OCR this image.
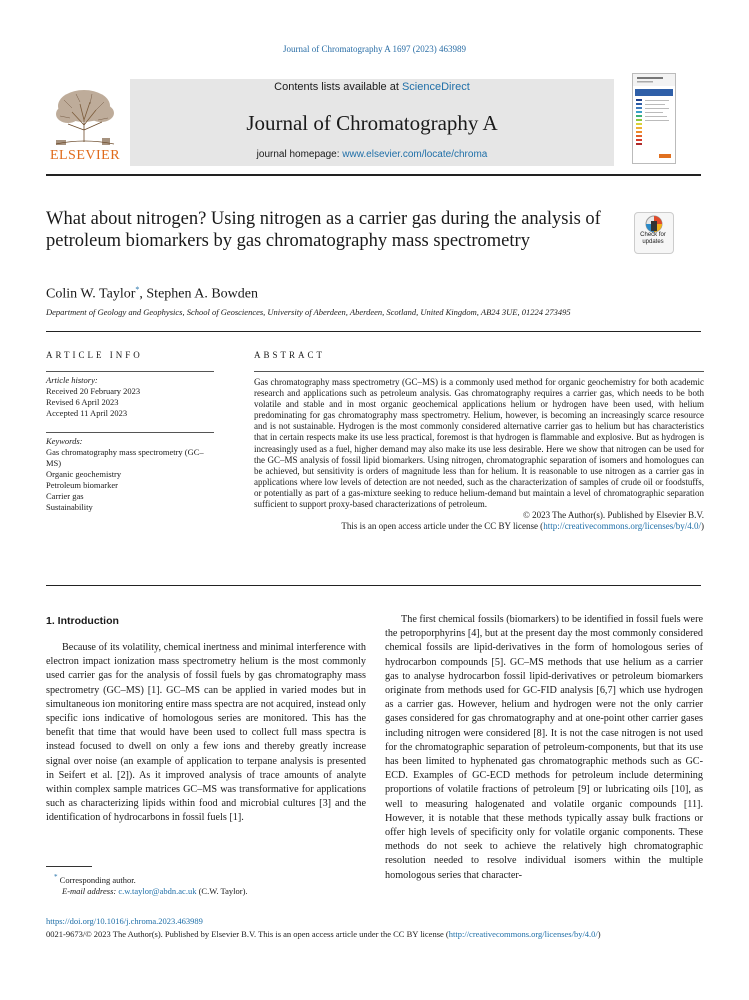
Journal of Chromatography A 1697 (2023) 463989
Contents lists available at ScienceDirect
Journal of Chromatography A
journal homepage: www.elsevier.com/locate/chroma
ELSEVIER
What about nitrogen? Using nitrogen as a carrier gas during the analysis of petroleum biomarkers by gas chromatography mass spectrometry	Check for updates
Colin W. Taylor*, Stephen A. Bowden
Department of Geology and Geophysics, School of Geosciences, University of Aberdeen, Aberdeen, Scotland, United Kingdom, AB24 3UE, 01224 273495
ARTICLE INFO
Article history:
Received 20 February 2023
Revised 6 April 2023
Accepted 11 April 2023
Keywords:
Gas chromatography mass spectrometry (GC–MS)
Organic geochemistry
Petroleum biomarker
Carrier gas
Sustainability
ABSTRACT
Gas chromatography mass spectrometry (GC–MS) is a commonly used method for organic geochemistry for both academic research and applications such as petroleum analysis. Gas chromatography requires a carrier gas, which needs to be both volatile and stable and in most organic geochemical applications helium or hydrogen have been used, with helium predominating for gas chromatography mass spectrometry. Helium, however, is becoming an increasingly scarce resource and is not sustainable. Hydrogen is the most commonly considered alternative carrier gas to helium but has characteristics that in certain respects make its use less practical, foremost is that hydrogen is flammable and explosive. But as hydrogen is increasingly used as a fuel, higher demand may also make its use less desirable. Here we show that nitrogen can be used for the GC–MS analysis of fossil lipid biomarkers. Using nitrogen, chromatographic separation of isomers and homologues can be achieved, but sensitivity is orders of magnitude less than for helium. It is reasonable to use nitrogen as a carrier gas in applications where low levels of detection are not needed, such as the characterization of samples of crude oil or foodstuffs, or potentially as part of a gas-mixture seeking to reduce helium-demand but maintain a level of chromatographic separation sufficient to support proxy-based characterizations of petroleum.
© 2023 The Author(s). Published by Elsevier B.V.
This is an open access article under the CC BY license (http://creativecommons.org/licenses/by/4.0/)
1. Introduction
Because of its volatility, chemical inertness and minimal interference with electron impact ionization mass spectrometry helium is the most commonly used carrier gas for the analysis of fossil fuels by gas chromatography mass spectrometry (GC–MS) [1]. GC–MS can be applied in varied modes but in simultaneous ion monitoring entire mass spectra are not acquired, instead only specific ions indicative of homologous series are monitored. This has the benefit that time that would have been used to collect full mass spectra is instead focused to dwell on only a few ions and thereby greatly increase signal over noise (an example of application to terpane analysis is presented in Seifert et al. [2]). As it improved analysis of trace amounts of analyte within complex sample matrices GC–MS was transformative for applications such as characterizing lipids within food and microbial cultures [3] and the identification of hydrocarbons in fossil fuels [1].
The first chemical fossils (biomarkers) to be identified in fossil fuels were the petroporphyrins [4], but at the present day the most commonly considered chemical fossils are lipid-derivatives in the form of homologous series of hydrocarbon compounds [5]. GC–MS methods that use helium as a carrier gas to analyse hydrocarbon fossil lipid-derivatives or petroleum biomarkers originate from methods used for GC-FID analysis [6,7] which use hydrogen as a carrier gas. However, helium and hydrogen were not the only carrier gases considered for gas chromatography and at one-point other carrier gases including nitrogen were considered [8]. It is not the case nitrogen is not used for the chromatographic separation of petroleum-components, but that its use has been limited to hyphenated gas chromatographic methods such as GC-ECD. Examples of GC-ECD methods for petroleum include determining proportions of volatile fractions of petroleum [9] or lubricating oils [10], as well to measuring halogenated and volatile organic compounds [11]. However, it is notable that these methods typically assay bulk fractions or offer high levels of specificity only for volatile organic components. These methods do not seek to achieve the relatively high chromatographic resolution needed to resolve individual isomers within the multiple homologous series that character-
* Corresponding author.
E-mail address: c.w.taylor@abdn.ac.uk (C.W. Taylor).
https://doi.org/10.1016/j.chroma.2023.463989
0021-9673/© 2023 The Author(s). Published by Elsevier B.V. This is an open access article under the CC BY license (http://creativecommons.org/licenses/by/4.0/)
